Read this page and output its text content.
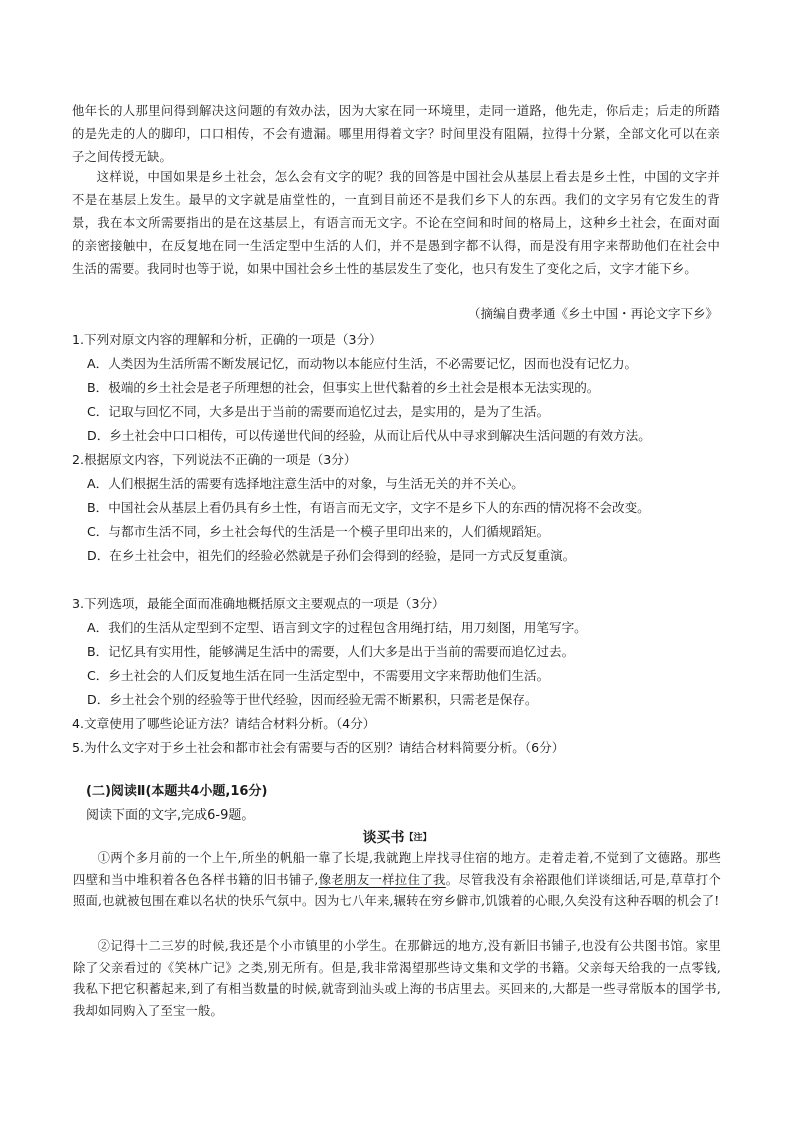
他年长的人那里问得到解决这问题的有效办法，因为大家在同一环境里，走同一道路，他先走，你后走；后走的所踏的是先走的人的脚印，口口相传，不会有遗漏。哪里用得着文字？时间里没有阻隔，拉得十分紧，全部文化可以在亲子之间传授无缺。

这样说，中国如果是乡土社会，怎么会有文字的呢？我的回答是中国社会从基层上看去是乡土性，中国的文字并不是在基层上发生。最早的文字就是庙堂性的，一直到目前还不是我们乡下人的东西。我们的文字另有它发生的背景，我在本文所需要指出的是在这基层上，有语言而无文字。不论在空间和时间的格局上，这种乡土社会，在面对面的亲密接触中，在反复地在同一生活定型中生活的人们，并不是愚到字都不认得，而是没有用字来帮助他们在社会中生活的需要。我同时也等于说，如果中国社会乡土性的基层发生了变化，也只有发生了变化之后，文字才能下乡。

（摘编自费孝通《乡土中国・再论文字下乡》

1.下列对原文内容的理解和分析，正确的一项是（3分）

A．人类因为生活所需不断发展记忆，而动物以本能应付生活，不必需要记忆，因而也没有记忆力。

B．极端的乡土社会是老子所理想的社会，但事实上世代黏着的乡土社会是根本无法实现的。

C．记取与回忆不同，大多是出于当前的需要而追忆过去，是实用的，是为了生活。

D．乡土社会中口口相传，可以传递世代间的经验，从而让后代从中寻求到解决生活问题的有效方法。

2.根据原文内容，下列说法不正确的一项是（3分）

A．人们根据生活的需要有选择地注意生活中的对象，与生活无关的并不关心。

B．中国社会从基层上看仍具有乡土性，有语言而无文字，文字不是乡下人的东西的情况将不会改变。

C．与都市生活不同，乡土社会每代的生活是一个模子里印出来的，人们循规蹈矩。

D．在乡土社会中，祖先们的经验必然就是子孙们会得到的经验，是同一方式反复重演。

3.下列选项，最能全面而准确地概括原文主要观点的一项是（3分）

A．我们的生活从定型到不定型、语言到文字的过程包含用绳打结，用刀刻图，用笔写字。

B．记忆具有实用性，能够满足生活中的需要，人们大多是出于当前的需要而追忆过去。

C．乡土社会的人们反复地生活在同一生活定型中，不需要用文字来帮助他们生活。

D．乡土社会个别的经验等于世代经验，因而经验无需不断累积，只需老是保存。

4.文章使用了哪些论证方法？请结合材料分析。（4分）

5.为什么文字对于乡土社会和都市社会有需要与否的区别？请结合材料简要分析。（6分）

(二)阅读Ⅱ(本题共4小题,16分)

阅读下面的文字,完成6-9题。

谈买书$^{【注】}$

①两个多月前的一个上午,所坐的帆船一靠了长堤,我就跑上岸找寻住宿的地方。走着走着,不觉到了文德路。那些四壁和当中堆积着各色各样书籍的旧书铺子,像老朋友一样拉住了我。尽管我没有余裕跟他们详谈细话,可是,草草打个照面,也就被包围在难以名状的快乐气氛中。因为七八年来,辗转在穷乡僻市,饥饿着的心眼,久矣没有这种吞咽的机会了!

②记得十二三岁的时候,我还是个小市镇里的小学生。在那僻远的地方,没有新旧书铺子,也没有公共图书馆。家里除了父亲看过的《笑林广记》之类,别无所有。但是,我非常渴望那些诗文集和文学的书籍。父亲每天给我的一点零钱,我私下把它积蓄起来,到了有相当数量的时候,就寄到汕头或上海的书店里去。买回来的,大都是一些寻常版本的国学书,我却如同购入了至宝一般。
